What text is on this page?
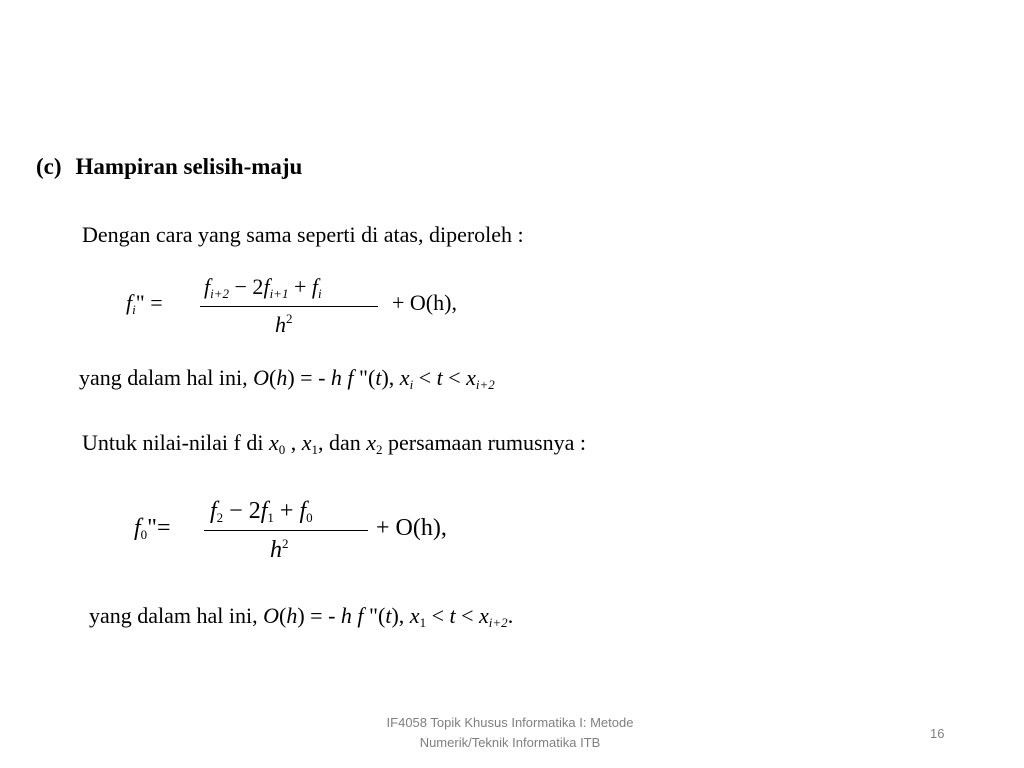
(c) Hampiran selisih-maju
Dengan cara yang sama seperti di atas, diperoleh :
$f_i$" =
$f_{i+2} - 2f_{i+1} + f_i$
$h^2$
+ O(h),
yang dalam hal ini, O(h) = - h f "(t), $x_i < t < x_{i+2}$
Untuk nilai-nilai f di $x_0$ , $x_1$, dan $x_2$ persamaan rumusnya :
$f_0"=$
$f_2 - 2f_1 + f_0$
$h^2$
+ O(h),
yang dalam hal ini, O(h) = - h f "(t), $x_1 < t < x_{i+2}$.
IF4058 Topik Khusus Informatika I: Metode
Numerik/Teknik Informatika ITB
16
